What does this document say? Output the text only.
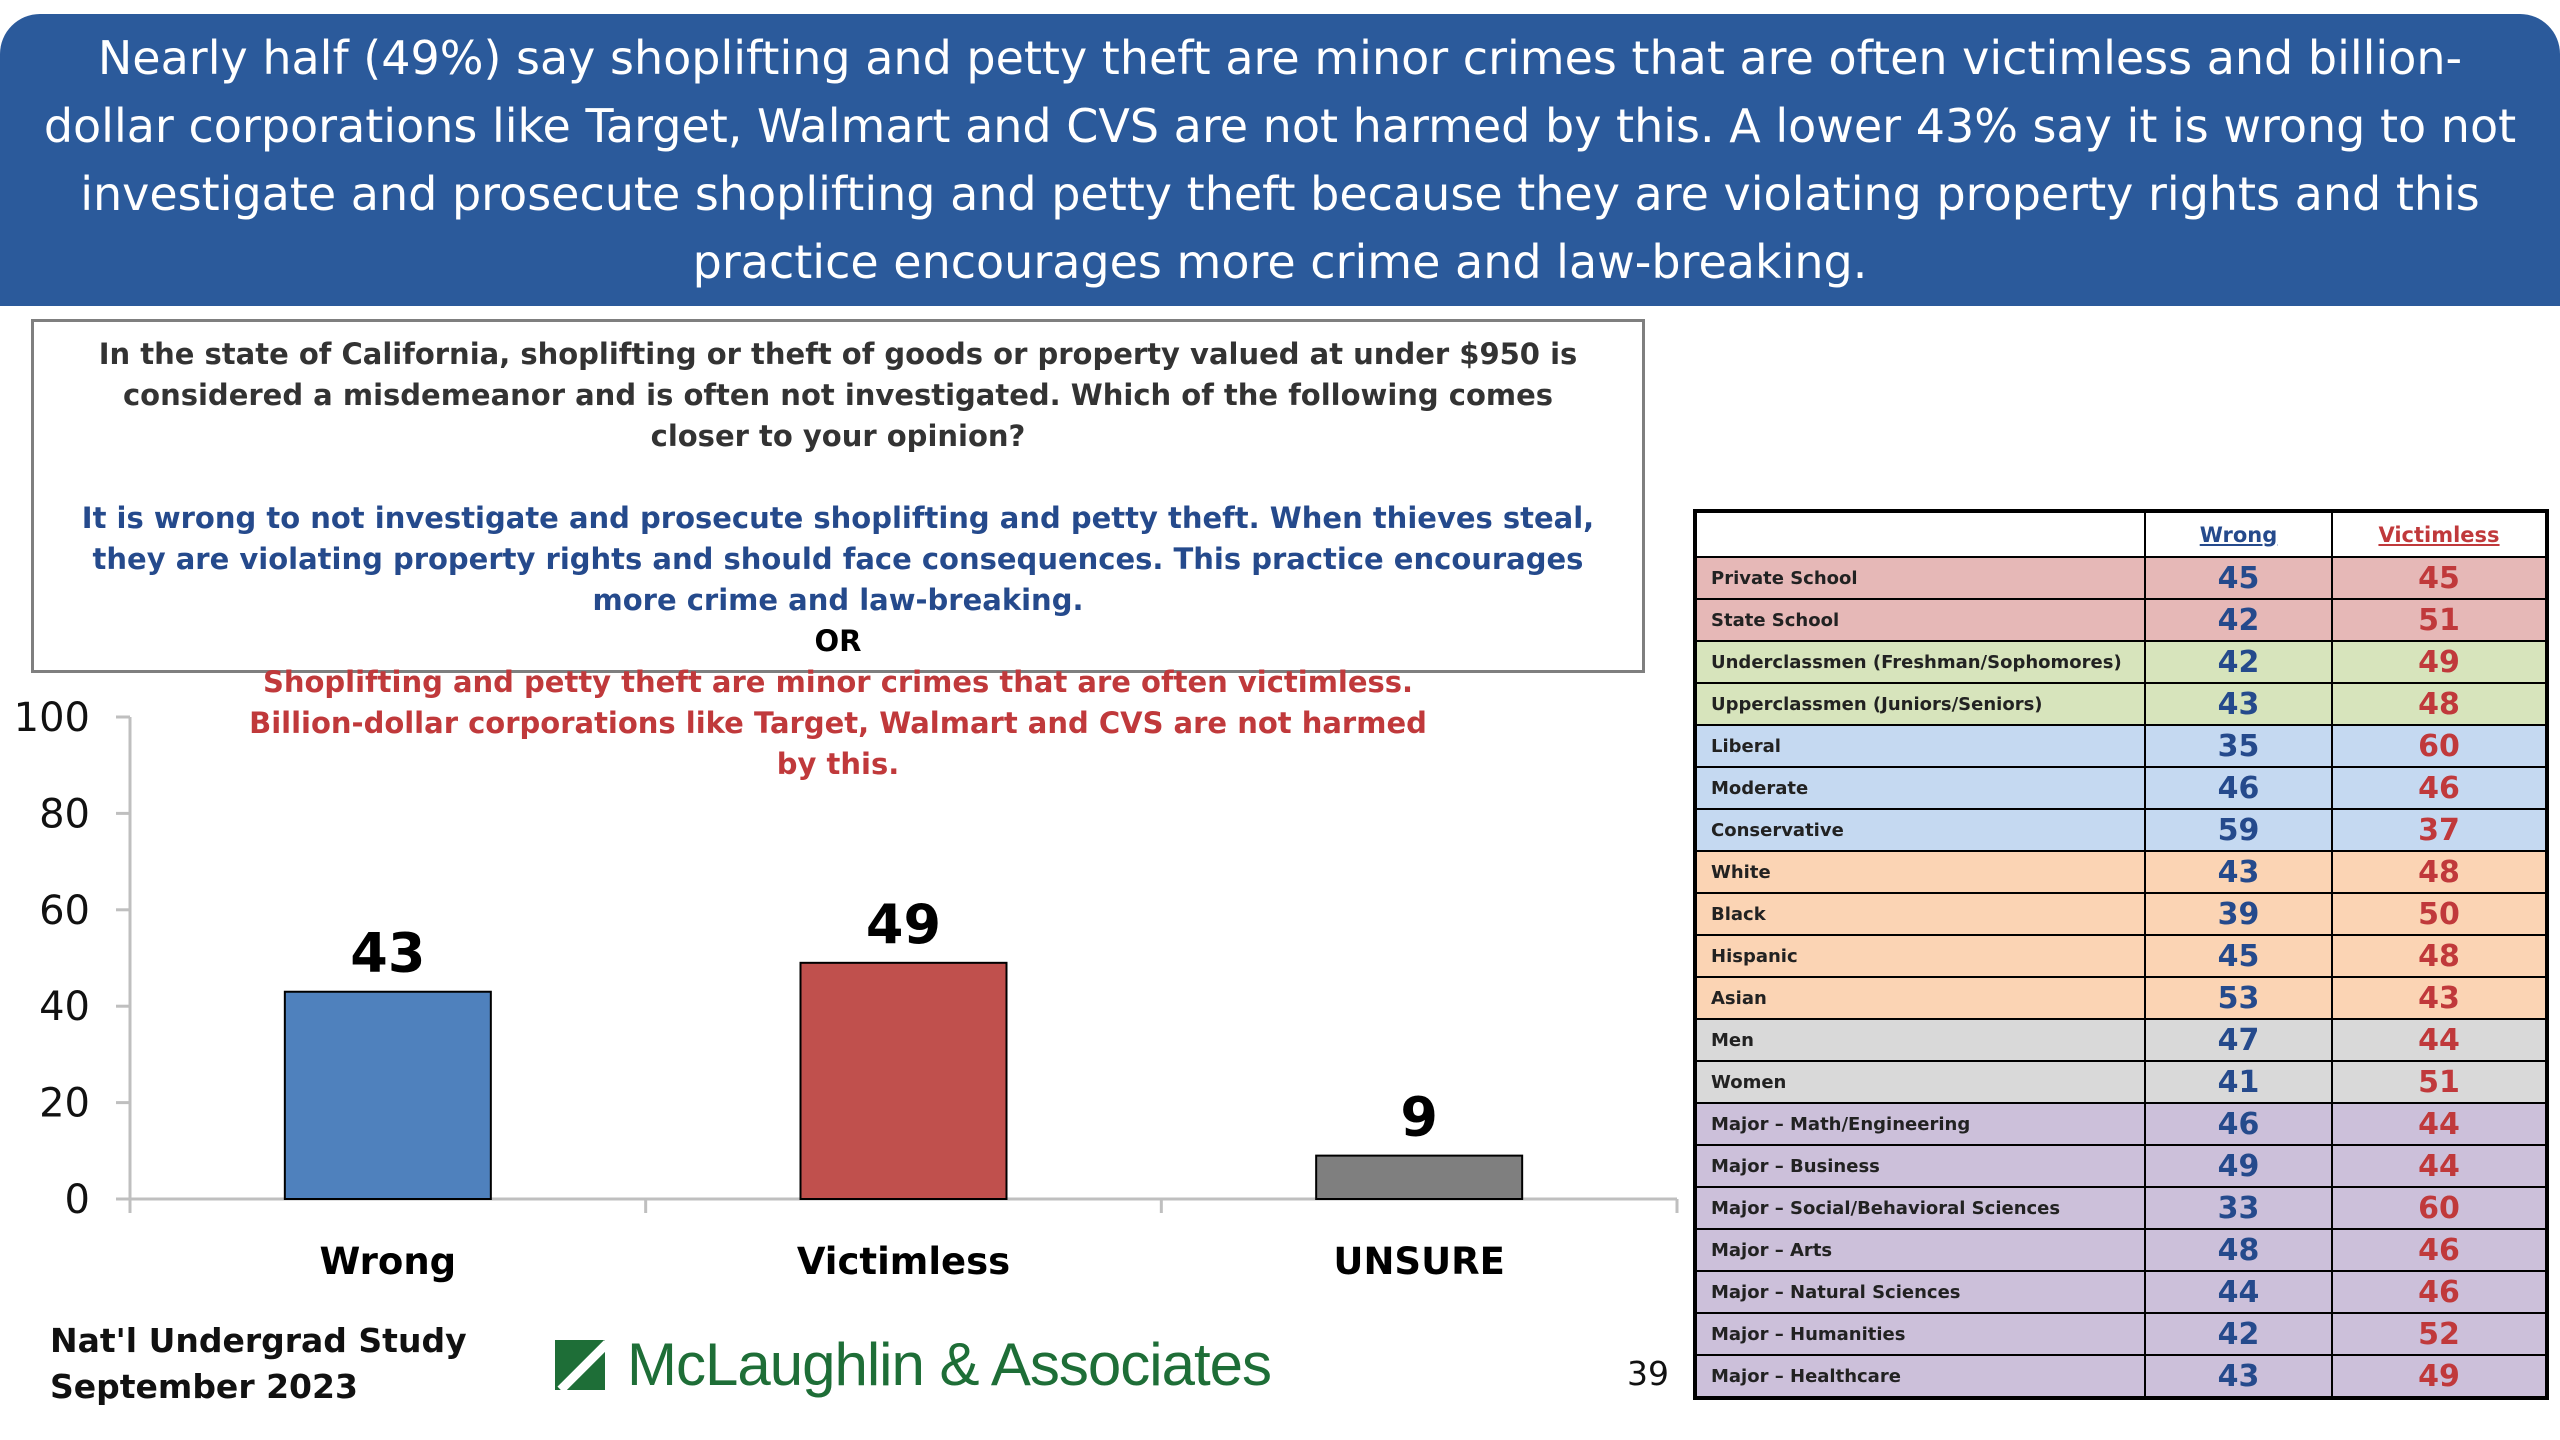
Nearly half (49%) say shoplifting and petty theft are minor crimes that are often victimless and billion-dollar corporations like Target, Walmart and CVS are not harmed by this. A lower 43% say it is wrong to not investigate and prosecute shoplifting and petty theft because they are violating property rights and this practice encourages more crime and law-breaking.
In the state of California, shoplifting or theft of goods or property valued at under $950 is considered a misdemeanor and is often not investigated. Which of the following comes closer to your opinion?
It is wrong to not investigate and prosecute shoplifting and petty theft. When thieves steal, they are violating property rights and should face consequences. This practice encourages more crime and law-breaking.
OR
Shoplifting and petty theft are minor crimes that are often victimless. Billion-dollar corporations like Target, Walmart and CVS are not harmed by this.
0
20
40
60
80
100
43
Wrong
49
Victimless
9
UNSURE
Nat'l Undergrad Study
September 2023	McLaughlin & Associates	39
	Wrong	Victimless
Private School	45	45
State School	42	51
Underclassmen (Freshman/Sophomores)	42	49
Upperclassmen (Juniors/Seniors)	43	48
Liberal	35	60
Moderate	46	46
Conservative	59	37
White	43	48
Black	39	50
Hispanic	45	48
Asian	53	43
Men	47	44
Women	41	51
Major – Math/Engineering	46	44
Major – Business	49	44
Major – Social/Behavioral Sciences	33	60
Major – Arts	48	46
Major – Natural Sciences	44	46
Major – Humanities	42	52
Major – Healthcare	43	49
